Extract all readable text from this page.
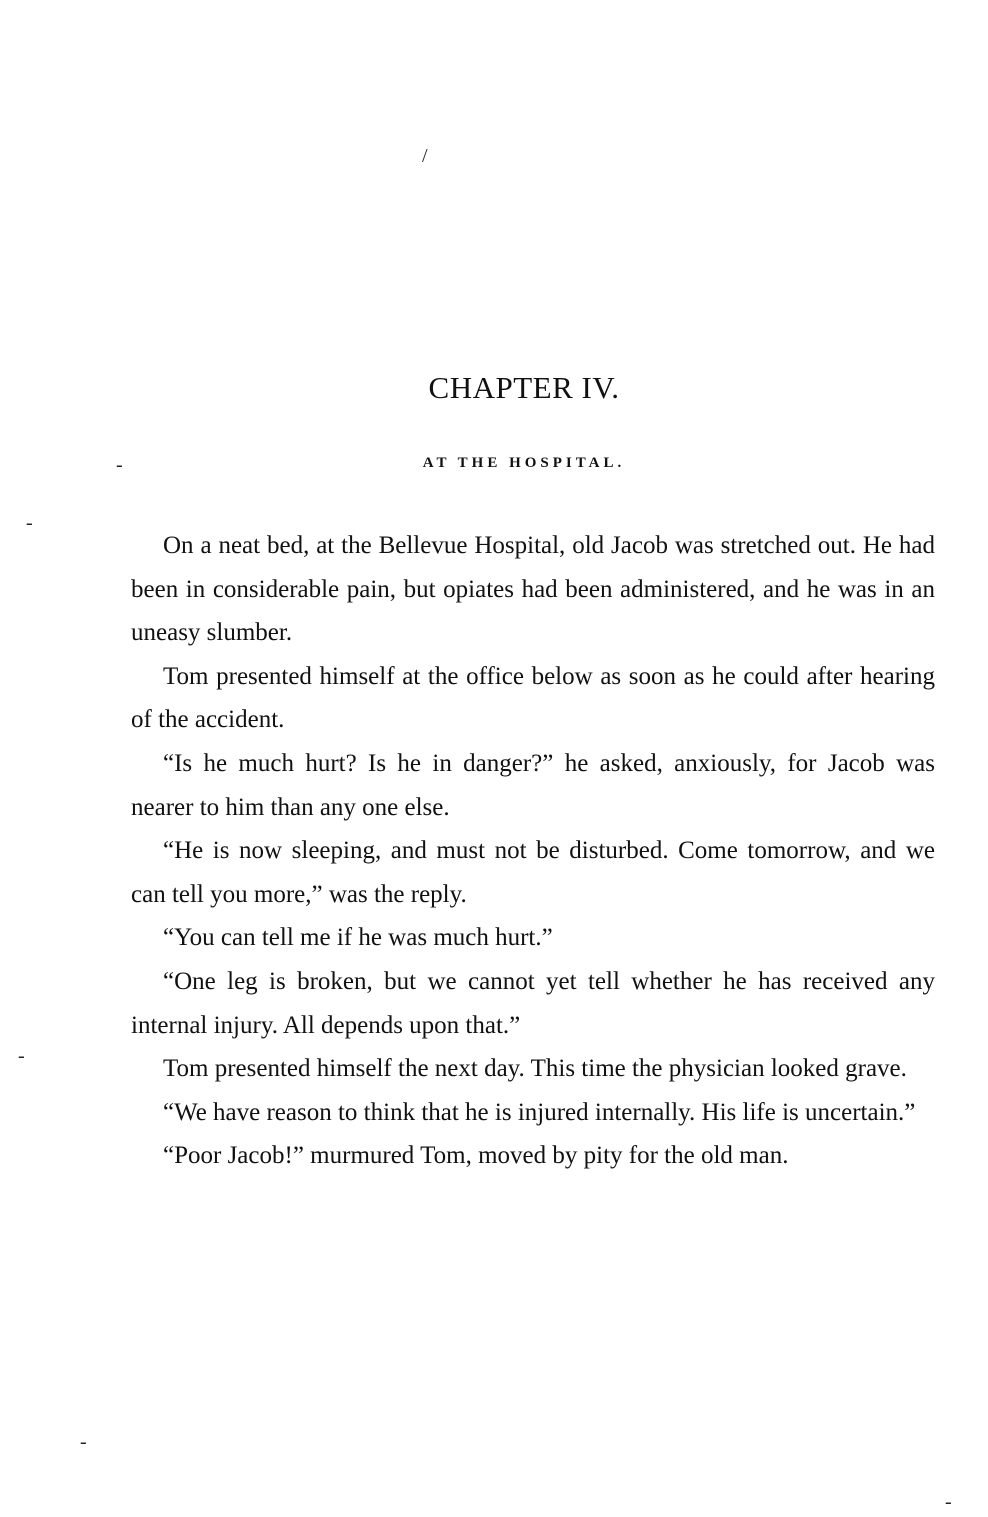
/
-
-
-
-
-
CHAPTER IV.
AT THE HOSPITAL.

On a neat bed, at the Bellevue Hospital, old Jacob was stretched out. He had been in considerable pain, but opiates had been administered, and he was in an uneasy slumber.

Tom presented himself at the office below as soon as he could after hearing of the accident.

“Is he much hurt? Is he in danger?” he asked, anxiously, for Jacob was nearer to him than any one else.

“He is now sleeping, and must not be disturbed. Come tomorrow, and we can tell you more,” was the reply.

“You can tell me if he was much hurt.”

“One leg is broken, but we cannot yet tell whether he has received any internal injury. All depends upon that.”

Tom presented himself the next day. This time the physician looked grave.

“We have reason to think that he is injured internally. His life is uncertain.”

“Poor Jacob!” murmured Tom, moved by pity for the old man.
